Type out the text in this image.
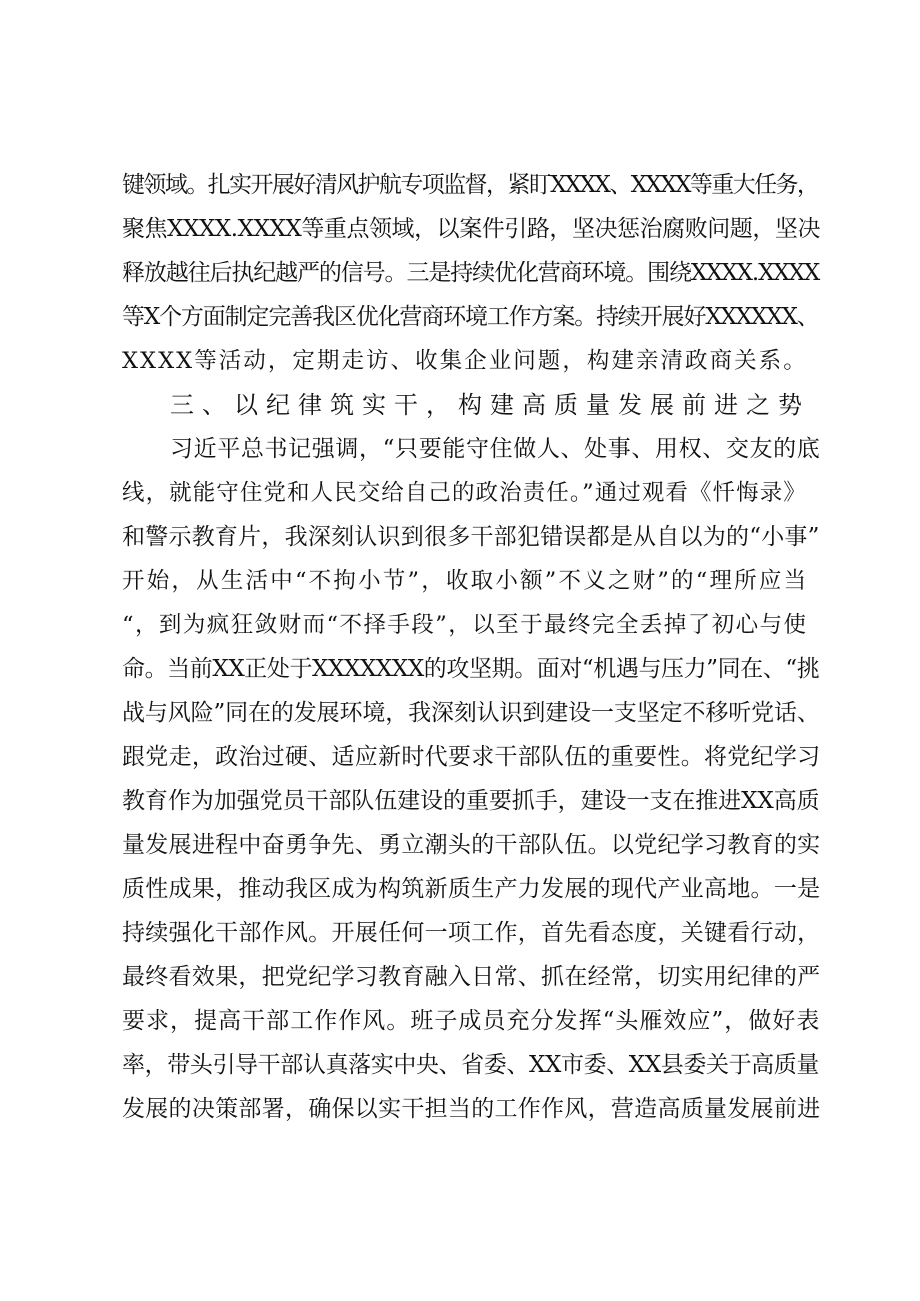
键领域。扎实开展好清风护航专项监督，紧盯XXXX、XXXX等重大任务，
聚焦XXXX.XXXX等重点领域，以案件引路，坚决惩治腐败问题，坚决
释放越往后执纪越严的信号。三是持续优化营商环境。围绕XXXX.XXXX
等X个方面制定完善我区优化营商环境工作方案。持续开展好XXXXXX、
XXXX等活动，定期走访、收集企业问题，构建亲清政商关系。
三、以纪律筑实干，构建高质量发展前进之势
习近平总书记强调，“只要能守住做人、处事、用权、交友的底
线，就能守住党和人民交给自己的政治责任。”通过观看《忏悔录》
和警示教育片，我深刻认识到很多干部犯错误都是从自以为的“小事”
开始，从生活中“不拘小节”，收取小额”不义之财”的“理所应当
“，到为疯狂敛财而“不择手段”，以至于最终完全丢掉了初心与使
命。当前XX正处于XXXXXXX的攻坚期。面对“机遇与压力”同在、“挑
战与风险”同在的发展环境，我深刻认识到建设一支坚定不移听党话、
跟党走，政治过硬、适应新时代要求干部队伍的重要性。将党纪学习
教育作为加强党员干部队伍建设的重要抓手，建设一支在推进XX高质
量发展进程中奋勇争先、勇立潮头的干部队伍。以党纪学习教育的实
质性成果，推动我区成为构筑新质生产力发展的现代产业高地。一是
持续强化干部作风。开展任何一项工作，首先看态度，关键看行动，
最终看效果，把党纪学习教育融入日常、抓在经常，切实用纪律的严
要求，提高干部工作作风。班子成员充分发挥“头雁效应”，做好表
率，带头引导干部认真落实中央、省委、XX市委、XX县委关于高质量
发展的决策部署，确保以实干担当的工作作风，营造高质量发展前进
